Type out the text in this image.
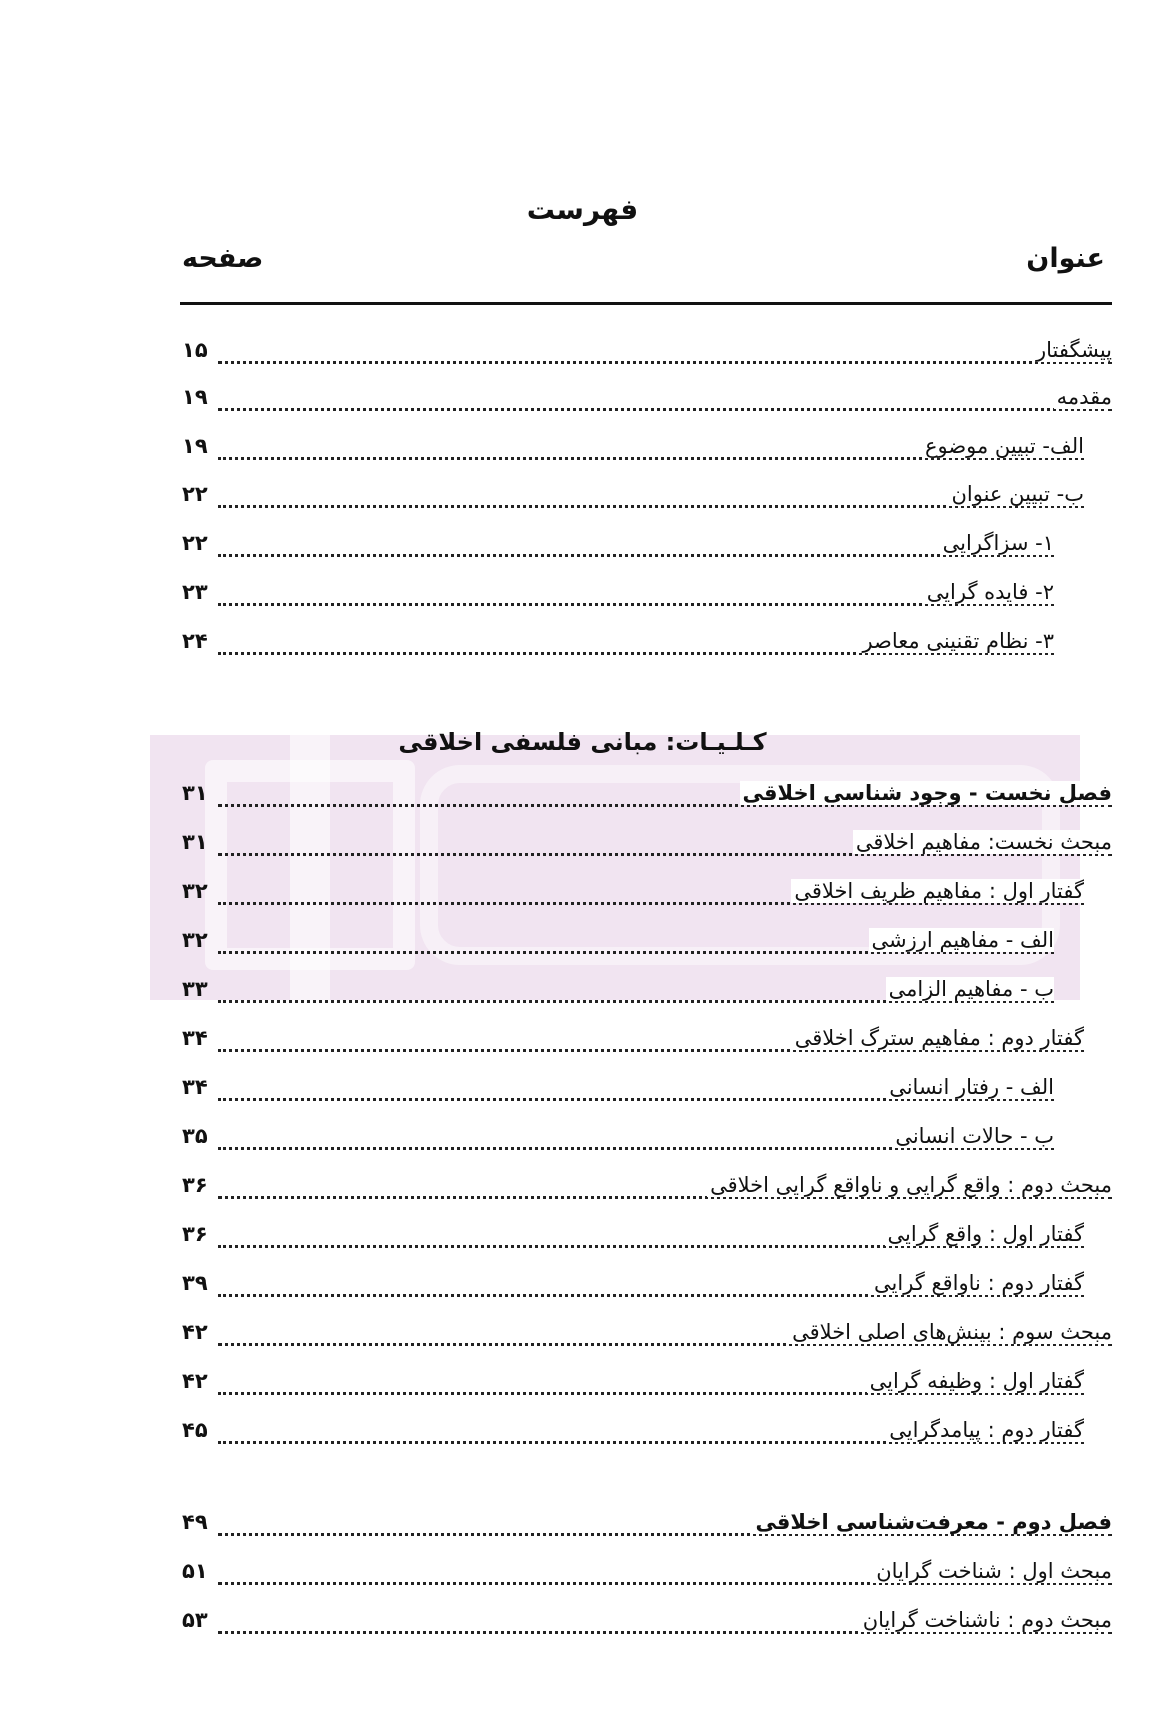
فهرست
عنوان
صفحه
کـلـیـات: مبانی فلسفی اخلاقی
پیشگفتار
۱۵
مقدمه
۱۹
الف- تبیین موضوع
۱۹
ب- تبیین عنوان
۲۲
۱- سزاگرایی
۲۲
۲- فایده گرایی
۲۳
۳- نظام تقنینی معاصر
۲۴
فصل نخست - وجود شناسی اخلاقی
۳۱
مبحث نخست: مفاهیم اخلاقی
۳۱
گفتار اول : مفاهیم ظریف اخلاقی
۳۲
الف - مفاهیم ارزشی
۳۲
ب - مفاهیم الزامی
۳۳
گفتار دوم : مفاهیم سترگ اخلاقی
۳۴
الف - رفتار انسانی
۳۴
ب - حالات انسانی
۳۵
مبحث دوم : واقع گرایی و ناواقع گرایی اخلاقی
۳۶
گفتار اول : واقع گرایی
۳۶
گفتار دوم : ناواقع گرایی
۳۹
مبحث سوم : بینش‌های اصلی اخلاقی
۴۲
گفتار اول : وظیفه گرایی
۴۲
گفتار دوم : پیامدگرایی
۴۵
فصل دوم - معرفت‌شناسی اخلاقی
۴۹
مبحث اول : شناخت گرایان
۵۱
مبحث دوم : ناشناخت گرایان
۵۳
